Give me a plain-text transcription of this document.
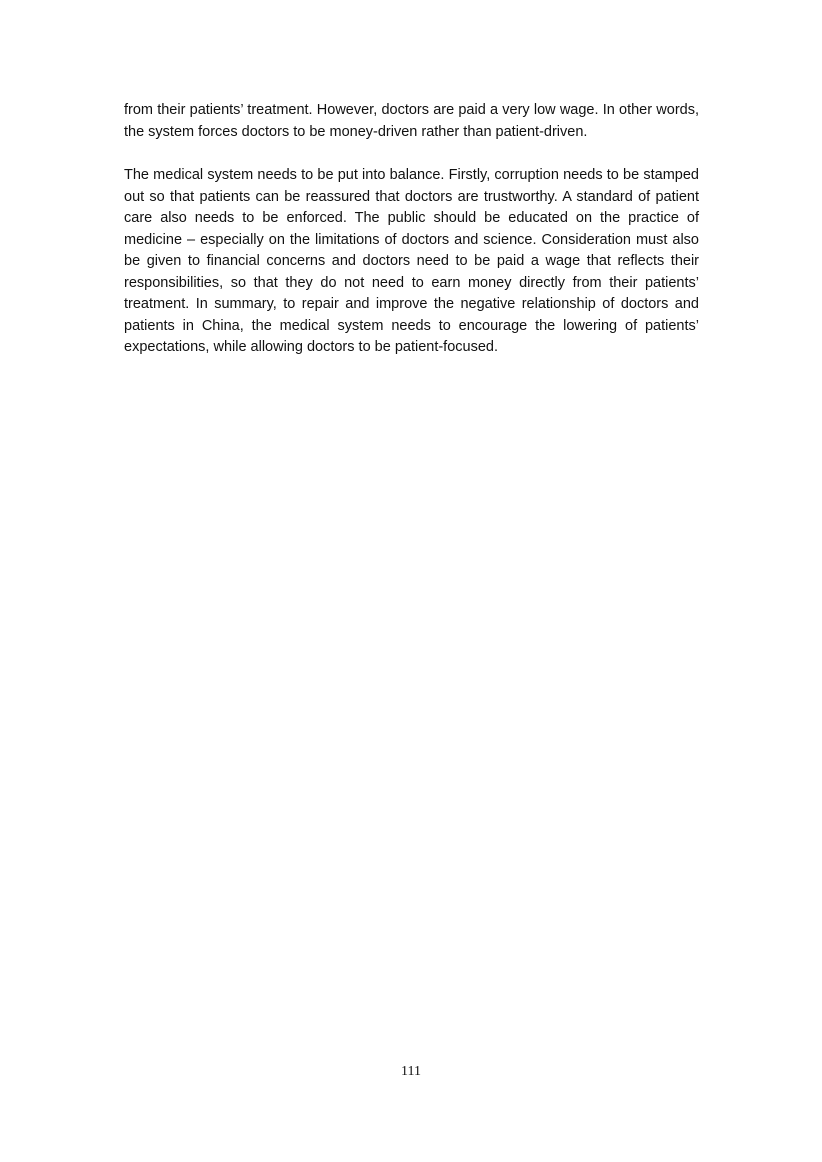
from their patients’ treatment. However, doctors are paid a very low wage. In other words, the system forces doctors to be money-driven rather than patient-driven.

The medical system needs to be put into balance. Firstly, corruption needs to be stamped out so that patients can be reassured that doctors are trustworthy. A standard of patient care also needs to be enforced. The public should be educated on the practice of medicine – especially on the limitations of doctors and science. Consideration must also be given to financial concerns and doctors need to be paid a wage that reflects their responsibilities, so that they do not need to earn money directly from their patients’ treatment. In summary, to repair and improve the negative relationship of doctors and patients in China, the medical system needs to encourage the lowering of patients’ expectations, while allowing doctors to be patient-focused.

111
